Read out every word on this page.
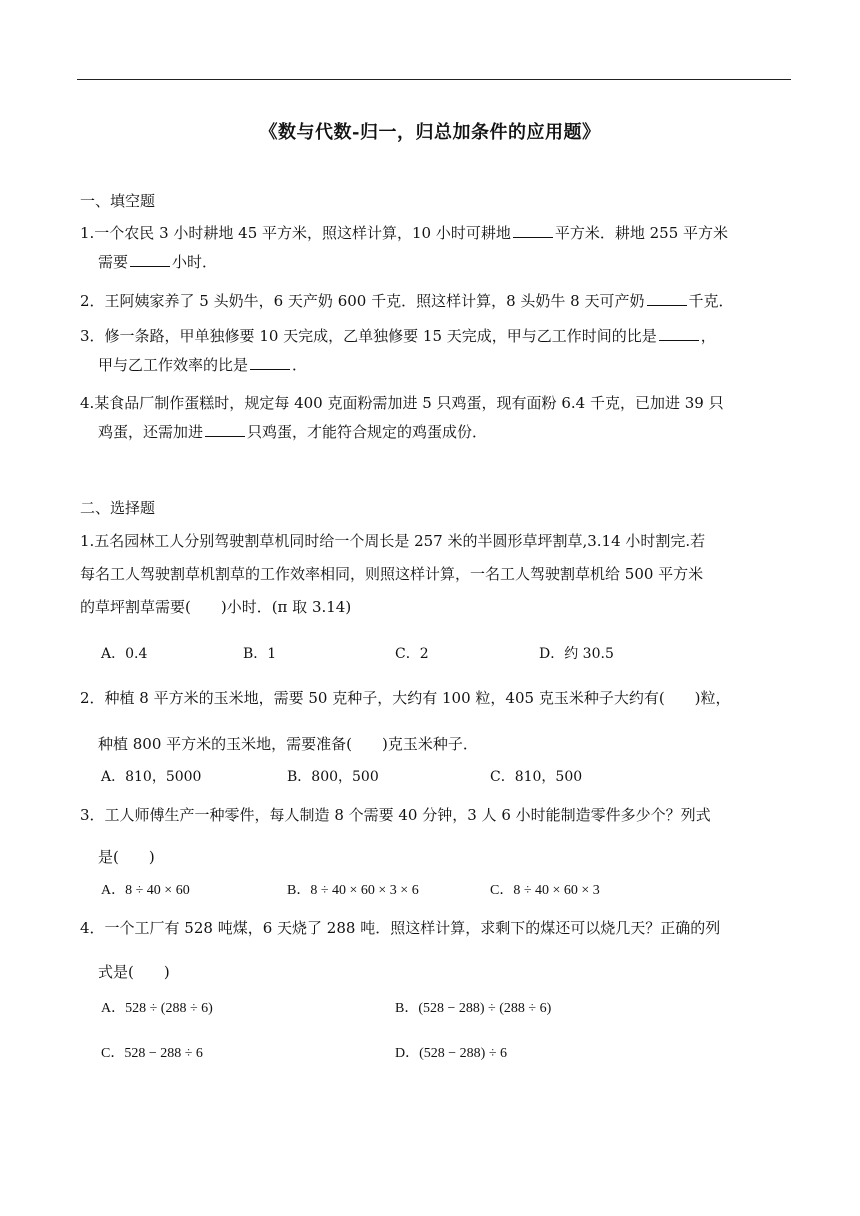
《数与代数-归一，归总加条件的应用题》
一、填空题
1.一个农民 3 小时耕地 45 平方米，照这样计算，10 小时可耕地	平方米．耕地 255 平方米
需要	小时．
2．王阿姨家养了 5 头奶牛，6 天产奶 600 千克．照这样计算，8 头奶牛 8 天可产奶	千克．
3．修一条路，甲单独修要 10 天完成，乙单独修要 15 天完成，甲与乙工作时间的比是	，
甲与乙工作效率的比是	．
4.某食品厂制作蛋糕时，规定每 400 克面粉需加进 5 只鸡蛋，现有面粉 6.4 千克，已加进 39 只
鸡蛋，还需加进	只鸡蛋，才能符合规定的鸡蛋成份．
二、选择题
1.五名园林工人分别驾驶割草机同时给一个周长是 257 米的半圆形草坪割草,3.14 小时割完.若
每名工人驾驶割草机割草的工作效率相同，则照这样计算，一名工人驾驶割草机给 500 平方米
的草坪割草需要(　　)小时．(π 取 3.14)
A．0.4	B．1	C．2	D．约 30.5
2．种植 8 平方米的玉米地，需要 50 克种子，大约有 100 粒，405 克玉米种子大约有(　　)粒，
种植 800 平方米的玉米地，需要准备(　　)克玉米种子．
A．810，5000	B．800，500	C．810，500
3．工人师傅生产一种零件，每人制造 8 个需要 40 分钟，3 人 6 小时能制造零件多少个？列式
是(　　)
A．8 ÷ 40 × 60	B．8 ÷ 40 × 60 × 3 × 6	C．8 ÷ 40 × 60 × 3
4．一个工厂有 528 吨煤，6 天烧了 288 吨．照这样计算，求剩下的煤还可以烧几天？正确的列
式是(　　)
A．528 ÷ (288 ÷ 6)	B．(528 − 288) ÷ (288 ÷ 6)
C．528 − 288 ÷ 6	D．(528 − 288) ÷ 6
